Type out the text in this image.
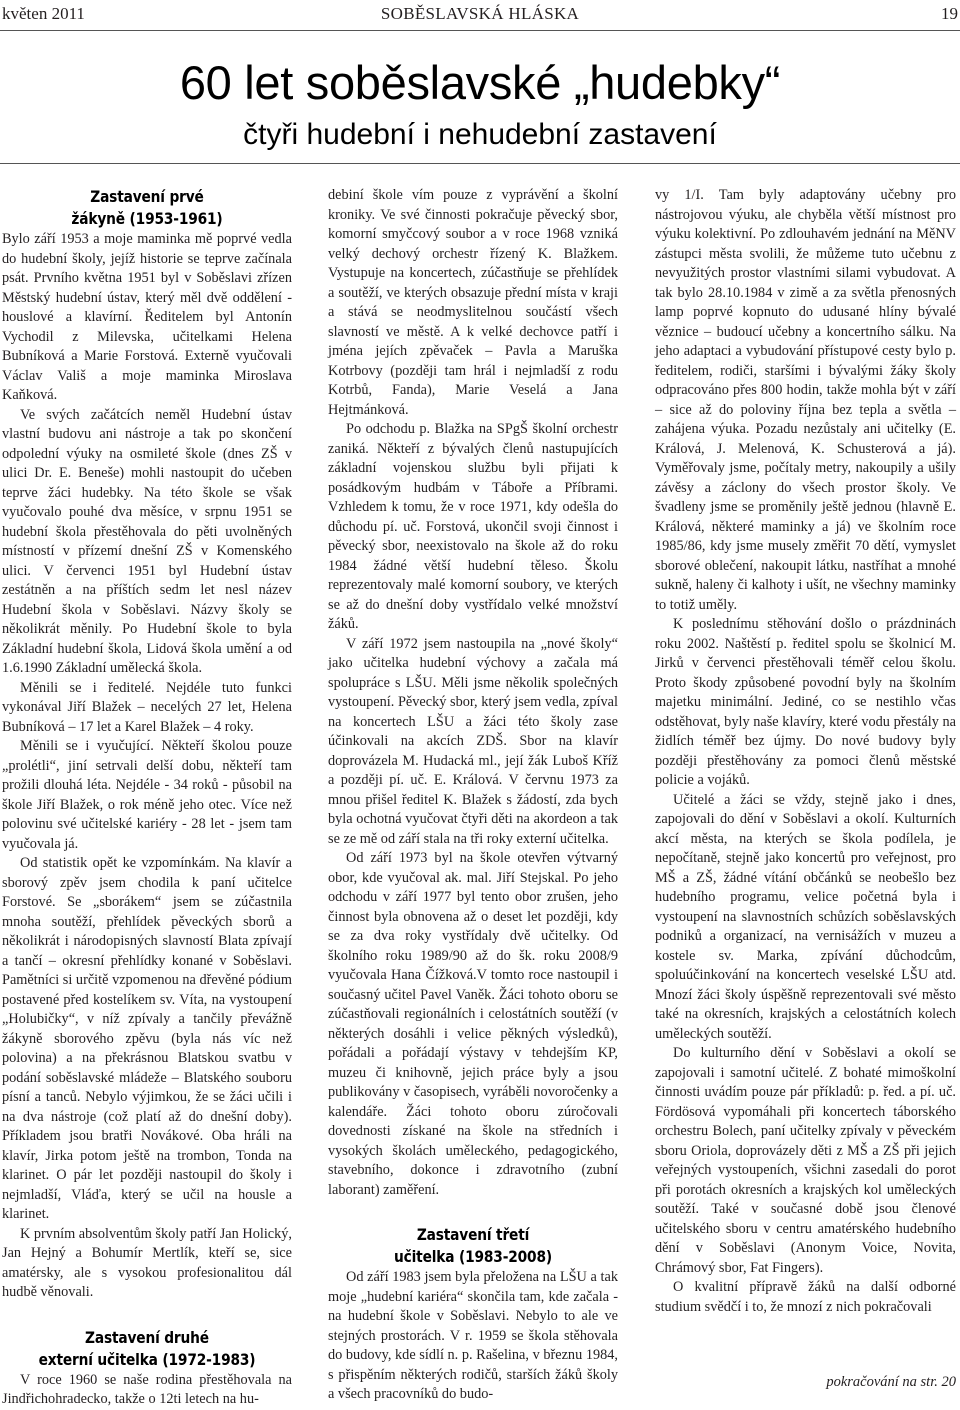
květen 2011	SOBĚSLAVSKÁ HLÁSKA	19
60 let soběslavské „hudebky“
čtyři hudební i nehudební zastavení
Zastavení prvé
žákyně (1953-1961)

Bylo září 1953 a moje maminka mě poprvé vedla do hudební školy, jejíž historie se teprve začínala psát. Prvního května 1951 byl v Soběslavi zřízen Městský hudební ústav, který měl dvě oddělení - houslové a klavírní. Ředitelem byl Antonín Vychodil z Milevska, učitelkami Helena Bubníková a Marie Forstová. Externě vyučovali Václav Vališ a moje maminka Miroslava Kaňková.

Ve svých začátcích neměl Hudební ústav vlastní budovu ani nástroje a tak po skončení odpolední výuky na osmileté škole (dnes ZŠ v ulici Dr. E. Beneše) mohli nastoupit do učeben teprve žáci hudebky. Na této škole se však vyučovalo pouhé dva měsíce, v srpnu 1951 se hudební škola přestěhovala do pěti uvolněných místností v přízemí dnešní ZŠ v Komenského ulici. V červenci 1951 byl Hudební ústav zestátněn a na příštích sedm let nesl název Hudební škola v Soběslavi. Názvy školy se několikrát měnily. Po Hudební škole to byla Základní hudební škola, Lidová škola umění a od 1.6.1990 Základní umělecká škola.

Měnili se i ředitelé. Nejdéle tuto funkci vykonával Jiří Blažek – necelých 27 let, Helena Bubníková – 17 let a Karel Blažek – 4 roky.

Měnili se i vyučující. Někteří školou pouze „prolétli“, jiní setrvali delší dobu, někteří tam prožili dlouhá léta. Nejdéle - 34 roků - působil na škole Jiří Blažek, o rok méně jeho otec. Více než polovinu své učitelské kariéry - 28 let - jsem tam vyučovala já.

Od statistik opět ke vzpomínkám. Na klavír a sborový zpěv jsem chodila k paní učitelce Forstové. Se „sborákem“ jsem se zúčastnila mnoha soutěží, přehlídek pěveckých sborů a několikrát i národopisných slavností Blata zpívají a tančí – okresní přehlídky konané v Soběslavi. Pamětníci si určitě vzpomenou na dřevěné pódium postavené před kostelíkem sv. Víta, na vystoupení „Holubičky“, v níž zpívaly a tančily převážně žákyně sborového zpěvu (byla nás víc než polovina) a na překrásnou Blatskou svatbu v podání soběslavské mládeže – Blatského souboru písní a tanců. Nebylo výjimkou, že se žáci učili i na dva nástroje (což platí až do dnešní doby). Příkladem jsou bratři Novákové. Oba hráli na klavír, Jirka potom ještě na trombon, Tonda na klarinet. O pár let později nastoupil do školy i nejmladší, Vláďa, který se učil na housle a klarinet.

K prvním absolventům školy patří Jan Holický, Jan Hejný a Bohumír Mertlík, kteří se, sice amatérsky, ale s vysokou profesionalitou dál hudbě věnovali.

Zastavení druhé
externí učitelka (1972-1983)

V roce 1960 se naše rodina přestěhovala na Jindřichohradecko, takže o 12ti letech na hu-

debiní škole vím pouze z vyprávění a školní kroniky. Ve své činnosti pokračuje pěvecký sbor, komorní smyčcový soubor a v roce 1968 vzniká velký dechový orchestr řízený K. Blažkem. Vystupuje na koncertech, zúčastňuje se přehlídek a soutěží, ve kterých obsazuje přední místa v kraji a stává se neodmyslitelnou součástí všech slavností ve městě. A k velké dechovce patří i jména jejích zpěvaček – Pavla a Maruška Kotrbovy (později tam hrál i nejmladší z rodu Kotrbů, Fanda), Marie Veselá a Jana Hejtmánková.

Po odchodu p. Blažka na SPgŠ školní orchestr zaniká. Někteří z bývalých členů nastupujících základní vojenskou službu byli přijati k posádkovým hudbám v Táboře a Příbrami. Vzhledem k tomu, že v roce 1971, kdy odešla do důchodu pí. uč. Forstová, ukončil svoji činnost i pěvecký sbor, neexistovalo na škole až do roku 1984 žádné větší hudební těleso. Školu reprezentovaly malé komorní soubory, ve kterých se až do dnešní doby vystřídalo velké množství žáků.

V září 1972 jsem nastoupila na „nové školy“ jako učitelka hudební výchovy a začala má spolupráce s LŠU. Měli jsme několik společných vystoupení. Pěvecký sbor, který jsem vedla, zpíval na koncertech LŠU a žáci této školy zase účinkovali na akcích ZDŠ. Sbor na klavír doprovázela M. Hudacká ml., její žák Luboš Kříž a později pí. uč. E. Králová. V červnu 1973 za mnou přišel ředitel K. Blažek s žádostí, zda bych byla ochotná vyučovat čtyři děti na akordeon a tak se ze mě od září stala na tři roky externí učitelka.

Od září 1973 byl na škole otevřen výtvarný obor, kde vyučoval ak. mal. Jiří Stejskal. Po jeho odchodu v září 1977 byl tento obor zrušen, jeho činnost byla obnovena až o deset let později, kdy se za dva roky vystřídaly dvě učitelky. Od školního roku 1989/90 až do šk. roku 2008/9 vyučovala Hana Čížková.V tomto roce nastoupil i současný učitel Pavel Vaněk. Žáci tohoto oboru se zúčastňovali regionálních i celostátních soutěží (v některých dosáhli i velice pěkných výsledků), pořádali a pořádají výstavy v tehdejším KP, muzeu či knihovně, jejich práce byly a jsou publikovány v časopisech, vyráběli novoročenky a kalendáře. Žáci tohoto oboru zúročovali dovednosti získané na škole na středních i vysokých školách uměleckého, pedagogického, stavebního, dokonce i zdravotního (zubní laborant) zaměření.

Zastavení třetí
učitelka (1983-2008)

Od září 1983 jsem byla přeložena na LŠU a tak moje „hudební kariéra“ skončila tam, kde začala - na hudební škole v Soběslavi. Nebylo to ale ve stejných prostorách. V r. 1959 se škola stěhovala do budovy, kde sídlí n. p. Rašelina, v březnu 1984, s přispěním některých rodičů, starších žáků školy a všech pracovníků do budo-

vy 1/I. Tam byly adaptovány učebny pro nástrojovou výuku, ale chyběla větší místnost pro výuku kolektivní. Po zdlouhavém jednání na MěNV zástupci města svolili, že můžeme tuto učebnu z nevyužitých prostor vlastními silami vybudovat. A tak bylo 28.10.1984 v zimě a za světla přenosných lamp poprvé kopnuto do udusané hlíny bývalé věznice – budoucí učebny a koncertního sálku. Na jeho adaptaci a vybudování přístupové cesty bylo p. ředitelem, rodiči, staršími i bývalými žáky školy odpracováno přes 800 hodin, takže mohla být v září – sice až do poloviny října bez tepla a světla – zahájena výuka. Pozadu nezůstaly ani učitelky (E. Králová, J. Melenová, K. Schusterová a já). Vyměřovaly jsme, počítaly metry, nakoupily a ušily závěsy a záclony do všech prostor školy. Ve švadleny jsme se proměnily ještě jednou (hlavně E. Králová, některé maminky a já) ve školním roce 1985/86, kdy jsme musely změřit 70 dětí, vymyslet sborové oblečení, nakoupit látku, nastříhat a mnohé sukně, haleny či kalhoty i ušít, ne všechny maminky to totiž uměly.

K poslednímu stěhování došlo o prázdninách roku 2002. Naštěstí p. ředitel spolu se školnicí M. Jirků v červenci přestěhovali téměř celou školu. Proto škody způsobené povodní byly na školním majetku minimální. Jediné, co se nestihlo včas odstěhovat, byly naše klavíry, které vodu přestály na židlích téměř bez újmy. Do nové budovy byly později přestěhovány za pomoci členů městské policie a vojáků.

Učitelé a žáci se vždy, stejně jako i dnes, zapojovali do dění v Soběslavi a okolí. Kulturních akcí města, na kterých se škola podílela, je nepočítaně, stejně jako koncertů pro veřejnost, pro MŠ a ZŠ, žádné vítání občánků se neobešlo bez hudebního programu, velice početná byla i vystoupení na slavnostních schůzích soběslavských podniků a organizací, na vernisážích v muzeu a kostele sv. Marka, zpívání důchodcům, spoluúčinkování na koncertech veselské LŠU atd. Mnozí žáci školy úspěšně reprezentovali své město také na okresních, krajských a celostátních kolech uměleckých soutěží.

Do kulturního dění v Soběslavi a okolí se zapojovali i samotní učitelé. Z bohaté mimoškolní činnosti uvádím pouze pár příkladů: p. řed. a pí. uč. Fördösová vypomáhali při koncertech táborského orchestru Bolech, paní učitelky zpívaly v pěveckém sboru Oriola, doprovázely děti z MŠ a ZŠ při jejich veřejných vystoupeních, všichni zasedali do porot při porotách okresních a krajských kol uměleckých soutěží. Také v současné době jsou členové učitelského sboru v centru amatérského hudebního dění v Soběslavi (Anonym Voice, Novita, Chrámový sbor, Fat Fingers).

O kvalitní přípravě žáků na další odborné studium svědčí i to, že mnozí z nich pokračovali

pokračování na str. 20
